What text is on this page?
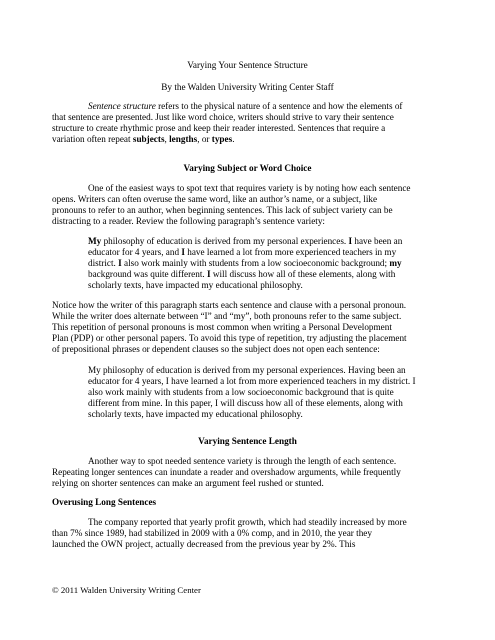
Varying Your Sentence Structure
By the Walden University Writing Center Staff
Sentence structure refers to the physical nature of a sentence and how the elements of
that sentence are presented. Just like word choice, writers should strive to vary their sentence
structure to create rhythmic prose and keep their reader interested. Sentences that require a
variation often repeat subjects, lengths, or types.
Varying Subject or Word Choice
One of the easiest ways to spot text that requires variety is by noting how each sentence
opens. Writers can often overuse the same word, like an author’s name, or a subject, like
pronouns to refer to an author, when beginning sentences. This lack of subject variety can be
distracting to a reader. Review the following paragraph’s sentence variety:
My philosophy of education is derived from my personal experiences. I have been an
educator for 4 years, and I have learned a lot from more experienced teachers in my
district. I also work mainly with students from a low socioeconomic background; my
background was quite different. I will discuss how all of these elements, along with
scholarly texts, have impacted my educational philosophy.
Notice how the writer of this paragraph starts each sentence and clause with a personal pronoun.
While the writer does alternate between “I” and “my”, both pronouns refer to the same subject.
This repetition of personal pronouns is most common when writing a Personal Development
Plan (PDP) or other personal papers. To avoid this type of repetition, try adjusting the placement
of prepositional phrases or dependent clauses so the subject does not open each sentence:
My philosophy of education is derived from my personal experiences. Having been an
educator for 4 years, I have learned a lot from more experienced teachers in my district. I
also work mainly with students from a low socioeconomic background that is quite
different from mine. In this paper, I will discuss how all of these elements, along with
scholarly texts, have impacted my educational philosophy.
Varying Sentence Length
Another way to spot needed sentence variety is through the length of each sentence.
Repeating longer sentences can inundate a reader and overshadow arguments, while frequently
relying on shorter sentences can make an argument feel rushed or stunted.
Overusing Long Sentences
The company reported that yearly profit growth, which had steadily increased by more
than 7% since 1989, had stabilized in 2009 with a 0% comp, and in 2010, the year they
launched the OWN project, actually decreased from the previous year by 2%. This
© 2011 Walden University Writing Center
